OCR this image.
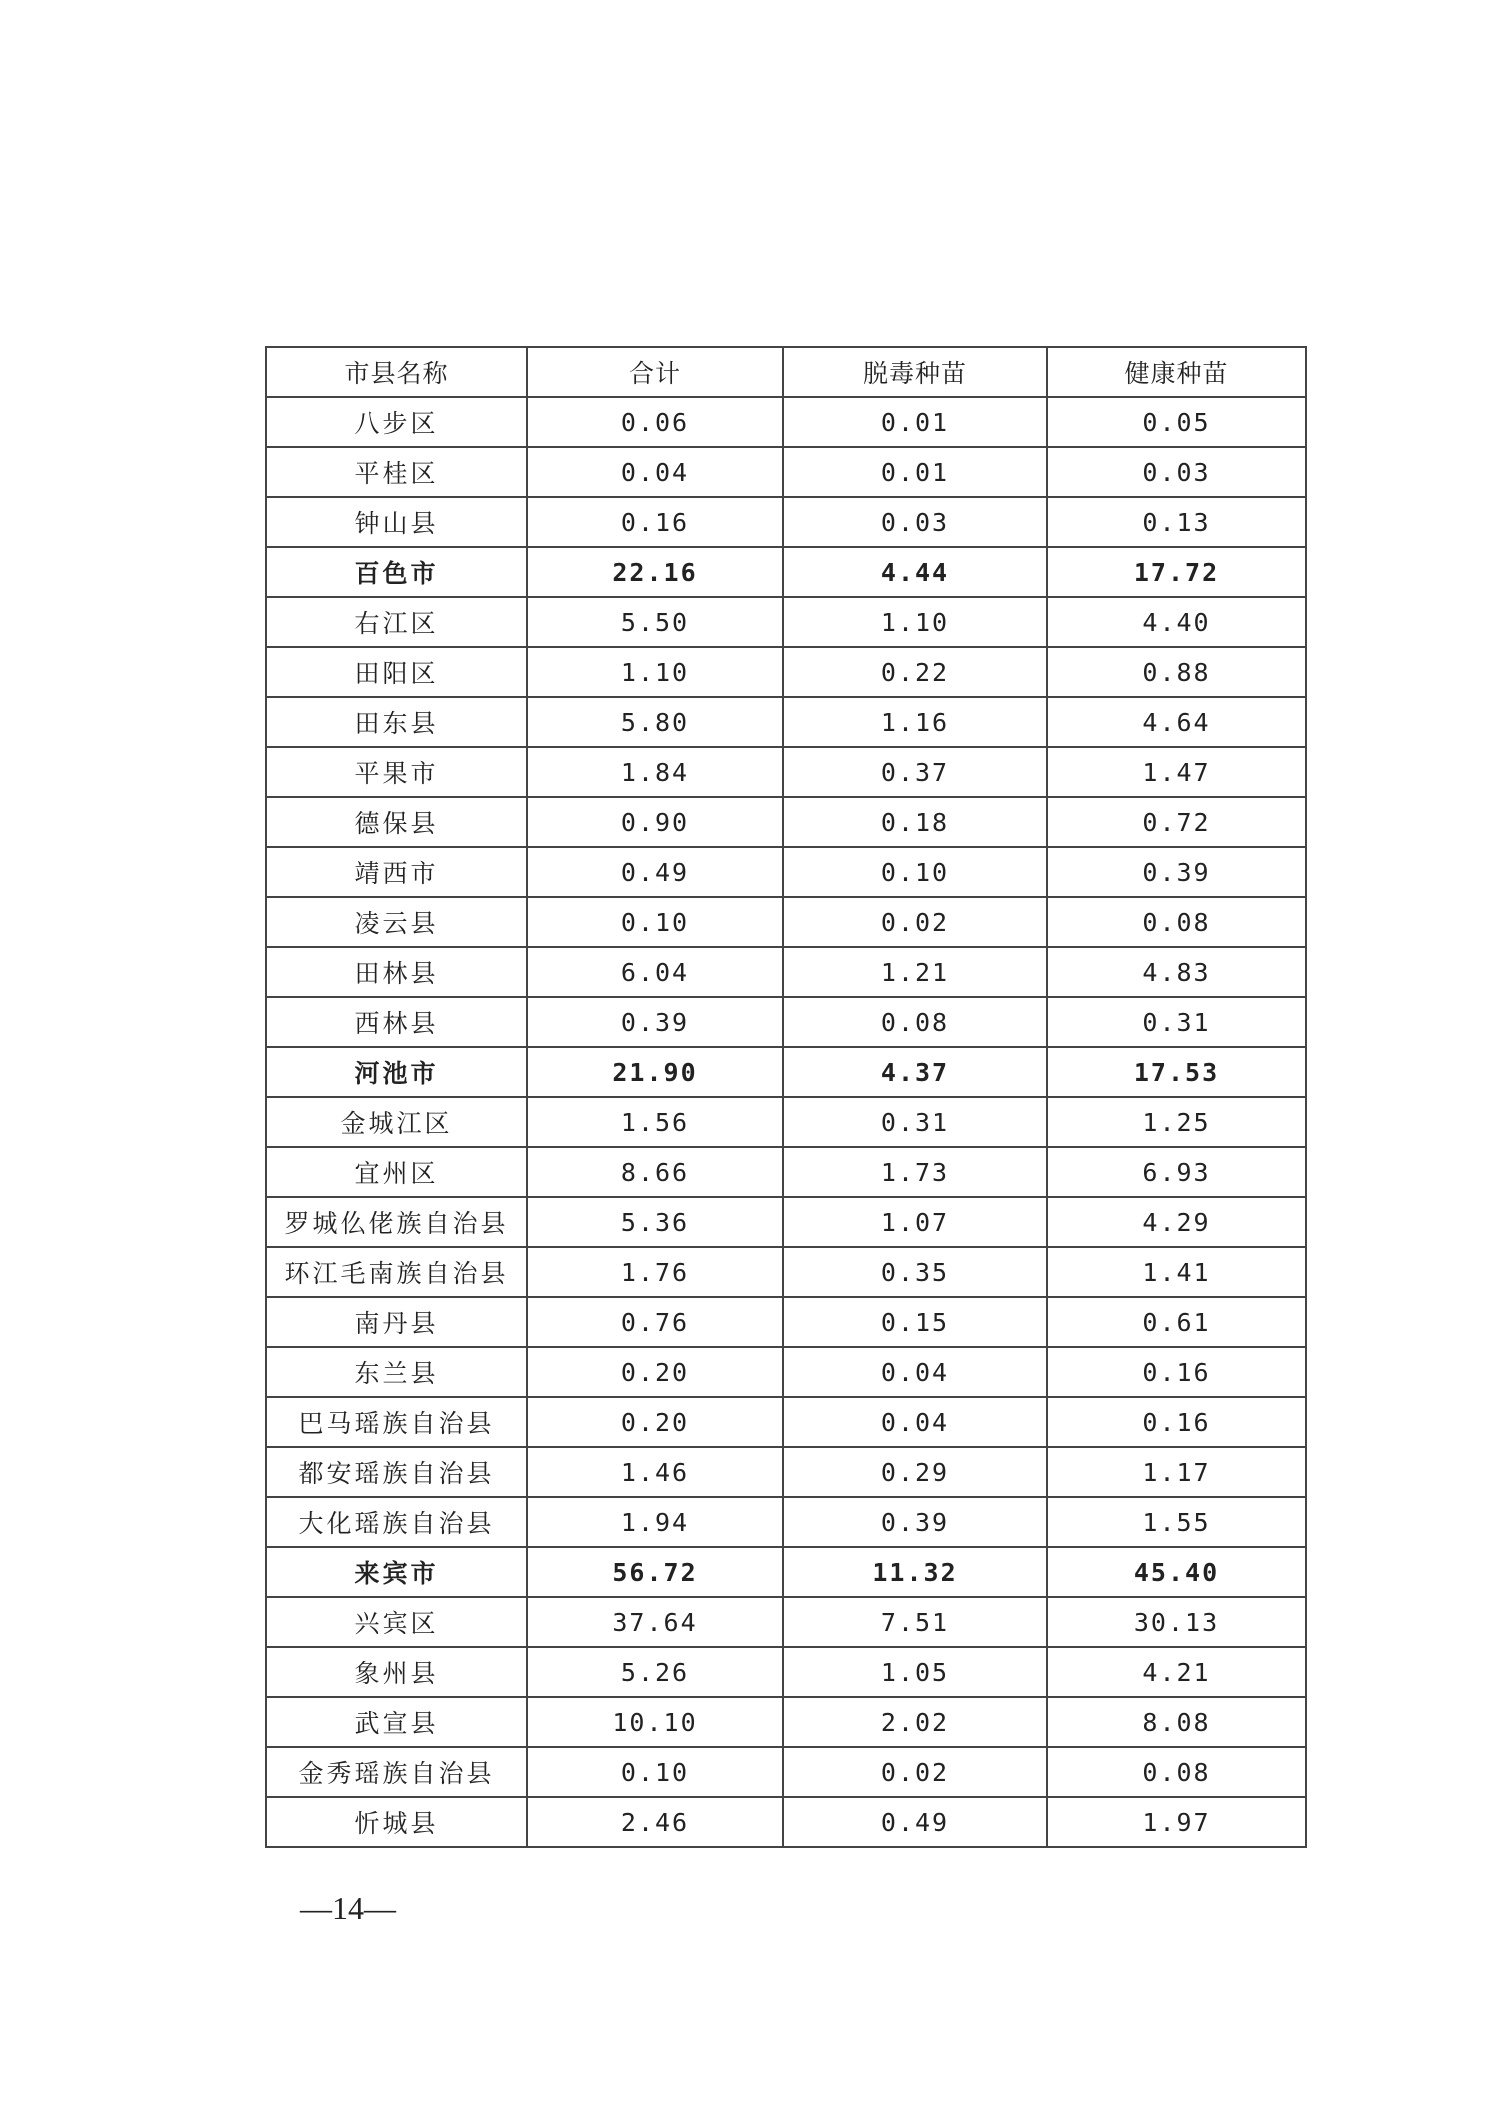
市县名称	合计	脱毒种苗	健康种苗
八步区	0.06	0.01	0.05
平桂区	0.04	0.01	0.03
钟山县	0.16	0.03	0.13
百色市	22.16	4.44	17.72
右江区	5.50	1.10	4.40
田阳区	1.10	0.22	0.88
田东县	5.80	1.16	4.64
平果市	1.84	0.37	1.47
德保县	0.90	0.18	0.72
靖西市	0.49	0.10	0.39
凌云县	0.10	0.02	0.08
田林县	6.04	1.21	4.83
西林县	0.39	0.08	0.31
河池市	21.90	4.37	17.53
金城江区	1.56	0.31	1.25
宜州区	8.66	1.73	6.93
罗城仫佬族自治县	5.36	1.07	4.29
环江毛南族自治县	1.76	0.35	1.41
南丹县	0.76	0.15	0.61
东兰县	0.20	0.04	0.16
巴马瑶族自治县	0.20	0.04	0.16
都安瑶族自治县	1.46	0.29	1.17
大化瑶族自治县	1.94	0.39	1.55
来宾市	56.72	11.32	45.40
兴宾区	37.64	7.51	30.13
象州县	5.26	1.05	4.21
武宣县	10.10	2.02	8.08
金秀瑶族自治县	0.10	0.02	0.08
忻城县	2.46	0.49	1.97
—14—
